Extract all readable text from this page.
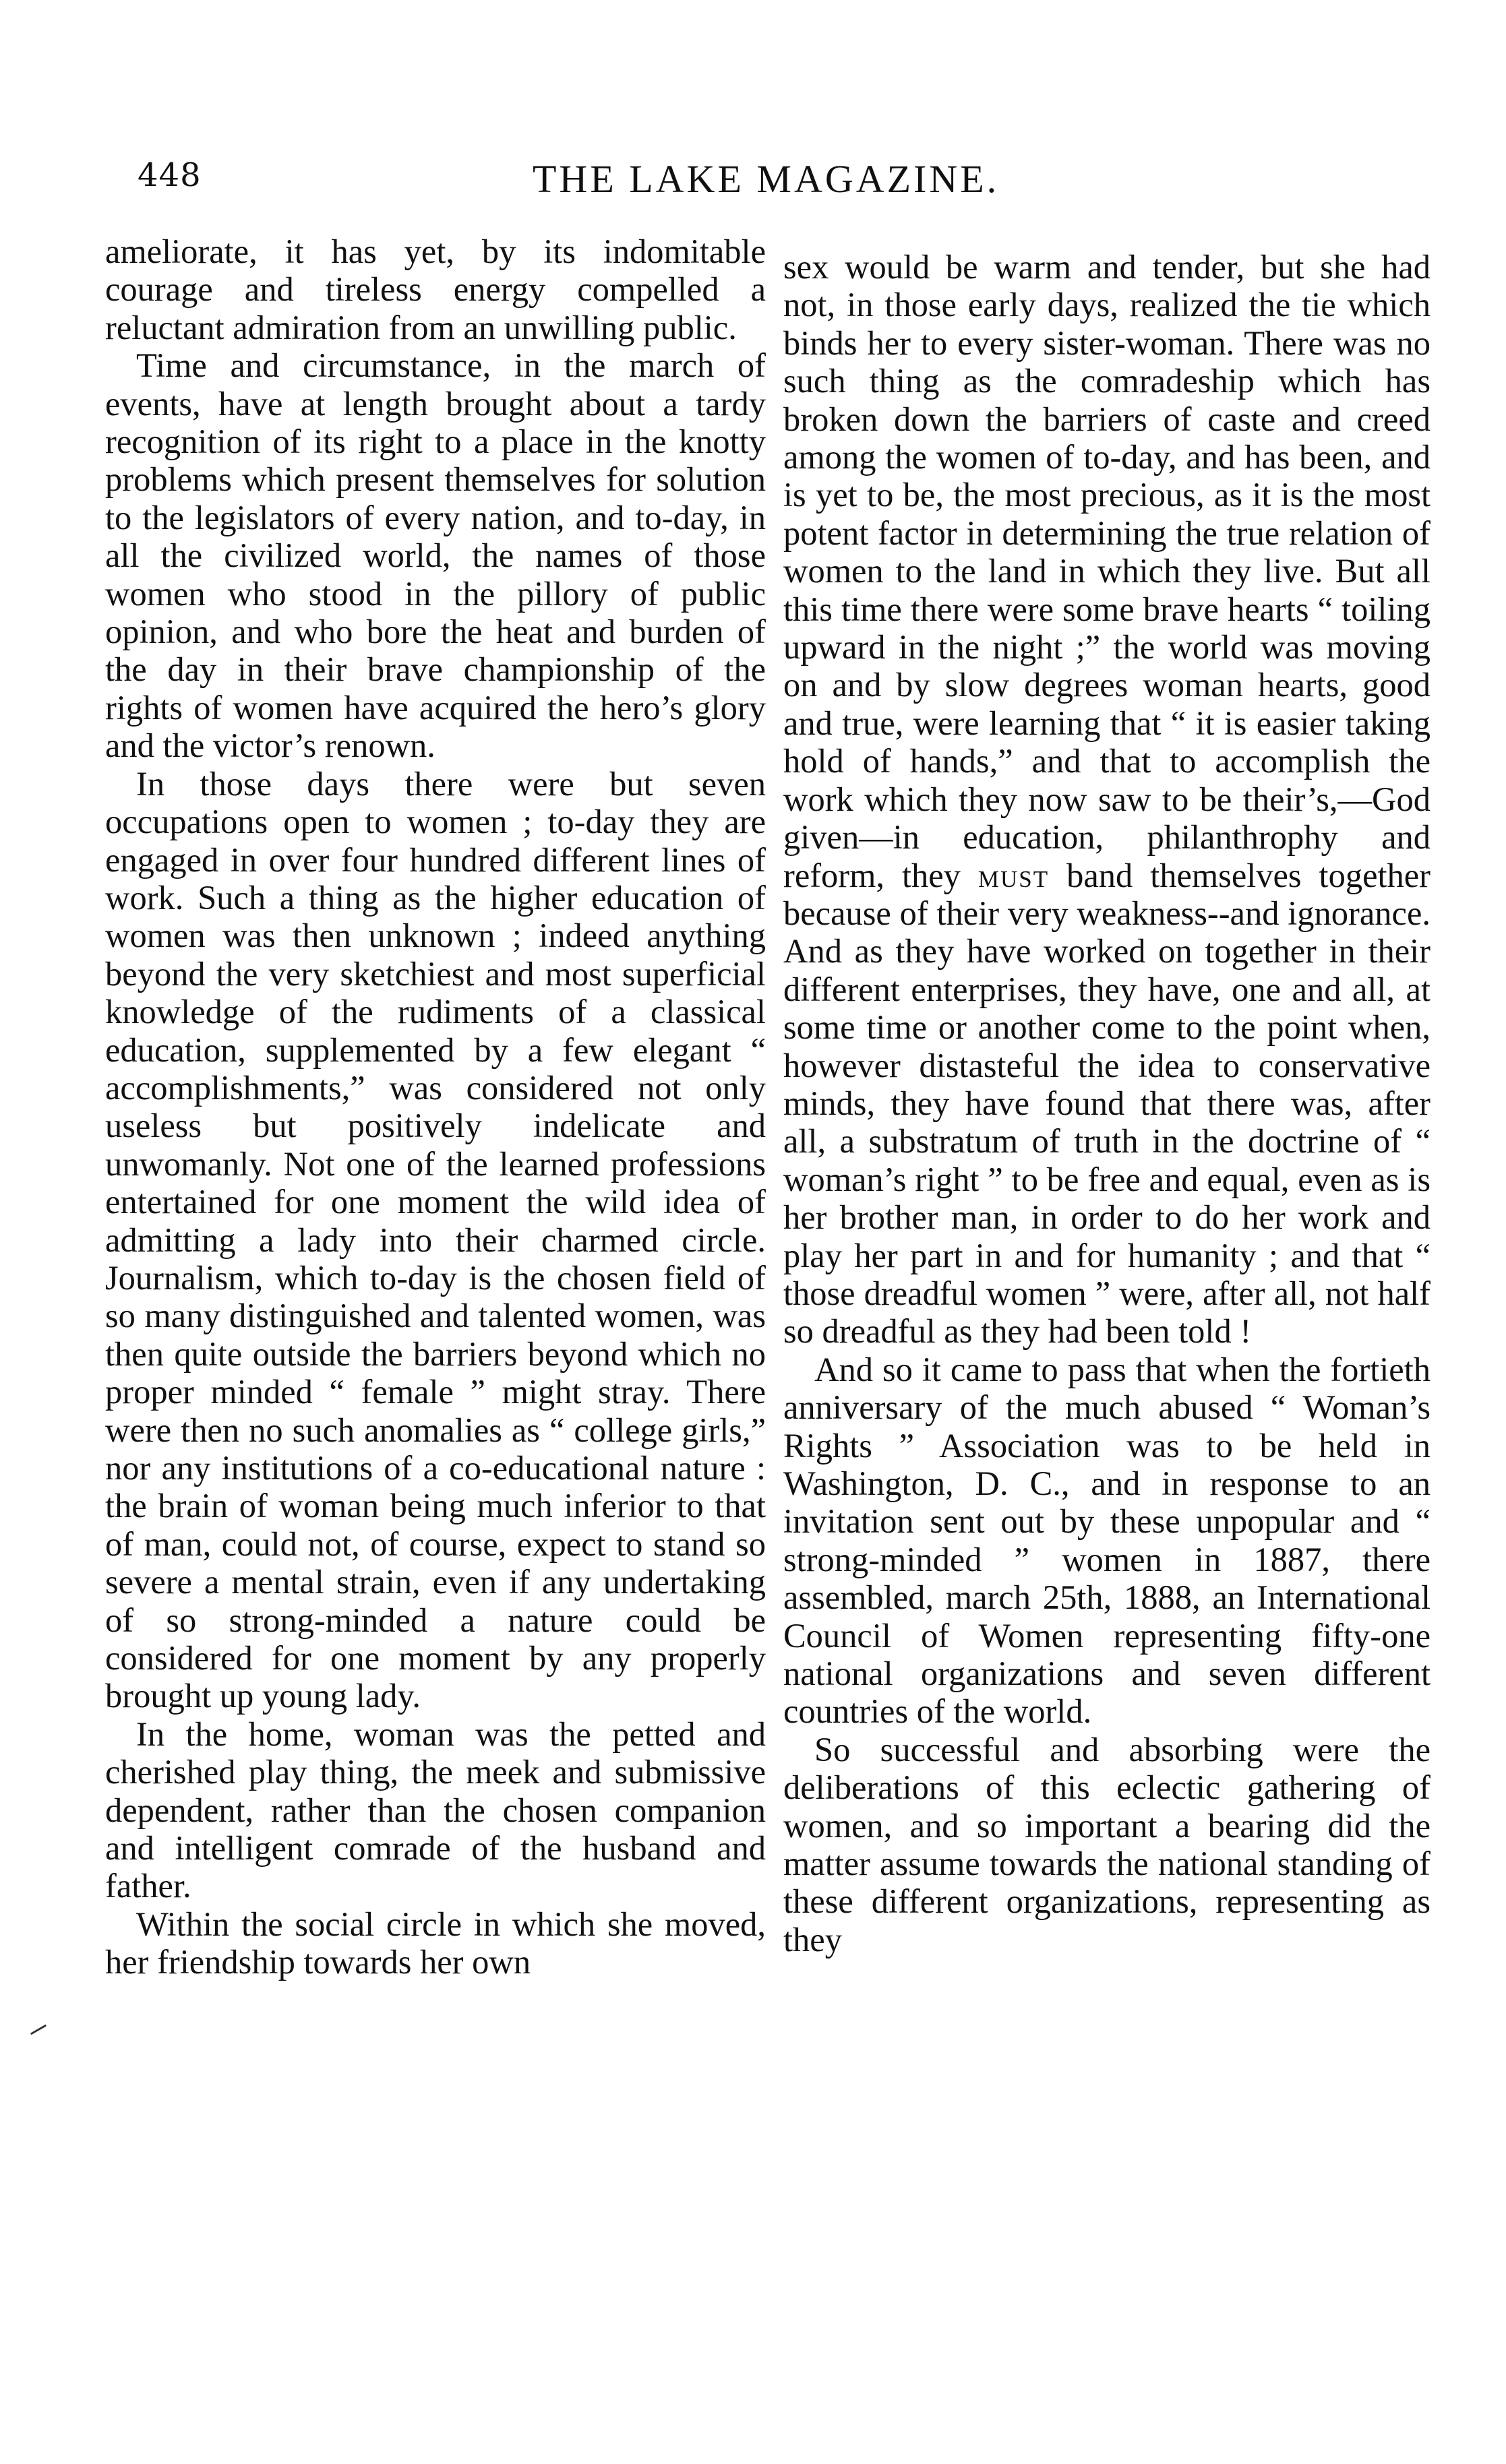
448	THE LAKE MAGAZINE.

ameliorate, it has yet, by its indomitable courage and tireless energy compelled a reluctant admiration from an unwilling public.

Time and circumstance, in the march of events, have at length brought about a tardy recognition of its right to a place in the knotty problems which present themselves for solution to the legislators of every nation, and to-day, in all the civilized world, the names of those women who stood in the pillory of public opinion, and who bore the heat and burden of the day in their brave championship of the rights of women have acquired the hero’s glory and the victor’s renown.

In those days there were but seven occupations open to women ; to-day they are engaged in over four hundred different lines of work. Such a thing as the higher education of women was then unknown ; indeed anything beyond the very sketchiest and most superficial knowledge of the rudiments of a classical education, supplemented by a few elegant “ accomplishments,” was considered not only useless but positively indelicate and unwomanly. Not one of the learned professions entertained for one moment the wild idea of admitting a lady into their charmed circle. Journalism, which to-day is the chosen field of so many distinguished and talented women, was then quite outside the barriers beyond which no proper minded “ female ” might stray. There were then no such anomalies as “ college girls,” nor any institutions of a co-educational nature : the brain of woman being much inferior to that of man, could not, of course, expect to stand so severe a mental strain, even if any undertaking of so strong-minded a nature could be considered for one moment by any properly brought up young lady.

In the home, woman was the petted and cherished play thing, the meek and submissive dependent, rather than the chosen companion and intelligent comrade of the husband and father.

Within the social circle in which she moved, her friendship towards her own

sex would be warm and tender, but she had not, in those early days, realized the tie which binds her to every sister-woman. There was no such thing as the comradeship which has broken down the barriers of caste and creed among the women of to-day, and has been, and is yet to be, the most precious, as it is the most potent factor in determining the true relation of women to the land in which they live. But all this time there were some brave hearts “ toiling upward in the night ;” the world was moving on and by slow degrees woman hearts, good and true, were learning that “ it is easier taking hold of hands,” and that to accomplish the work which they now saw to be their’s,—God given—in education, philanthrophy and reform, they must band themselves together because of their very weakness--and ignorance. And as they have worked on together in their different enterprises, they have, one and all, at some time or another come to the point when, however distasteful the idea to conservative minds, they have found that there was, after all, a substratum of truth in the doctrine of “ woman’s right ” to be free and equal, even as is her brother man, in order to do her work and play her part in and for humanity ; and that “ those dreadful women ” were, after all, not half so dreadful as they had been told !

And so it came to pass that when the fortieth anniversary of the much abused “ Woman’s Rights ” Association was to be held in Washington, D. C., and in response to an invitation sent out by these unpopular and “ strong-minded ” women in 1887, there assembled, march 25th, 1888, an International Council of Women representing fifty-one national organizations and seven different countries of the world.

So successful and absorbing were the deliberations of this eclectic gathering of women, and so important a bearing did the matter assume towards the national standing of these different organizations, representing as they
